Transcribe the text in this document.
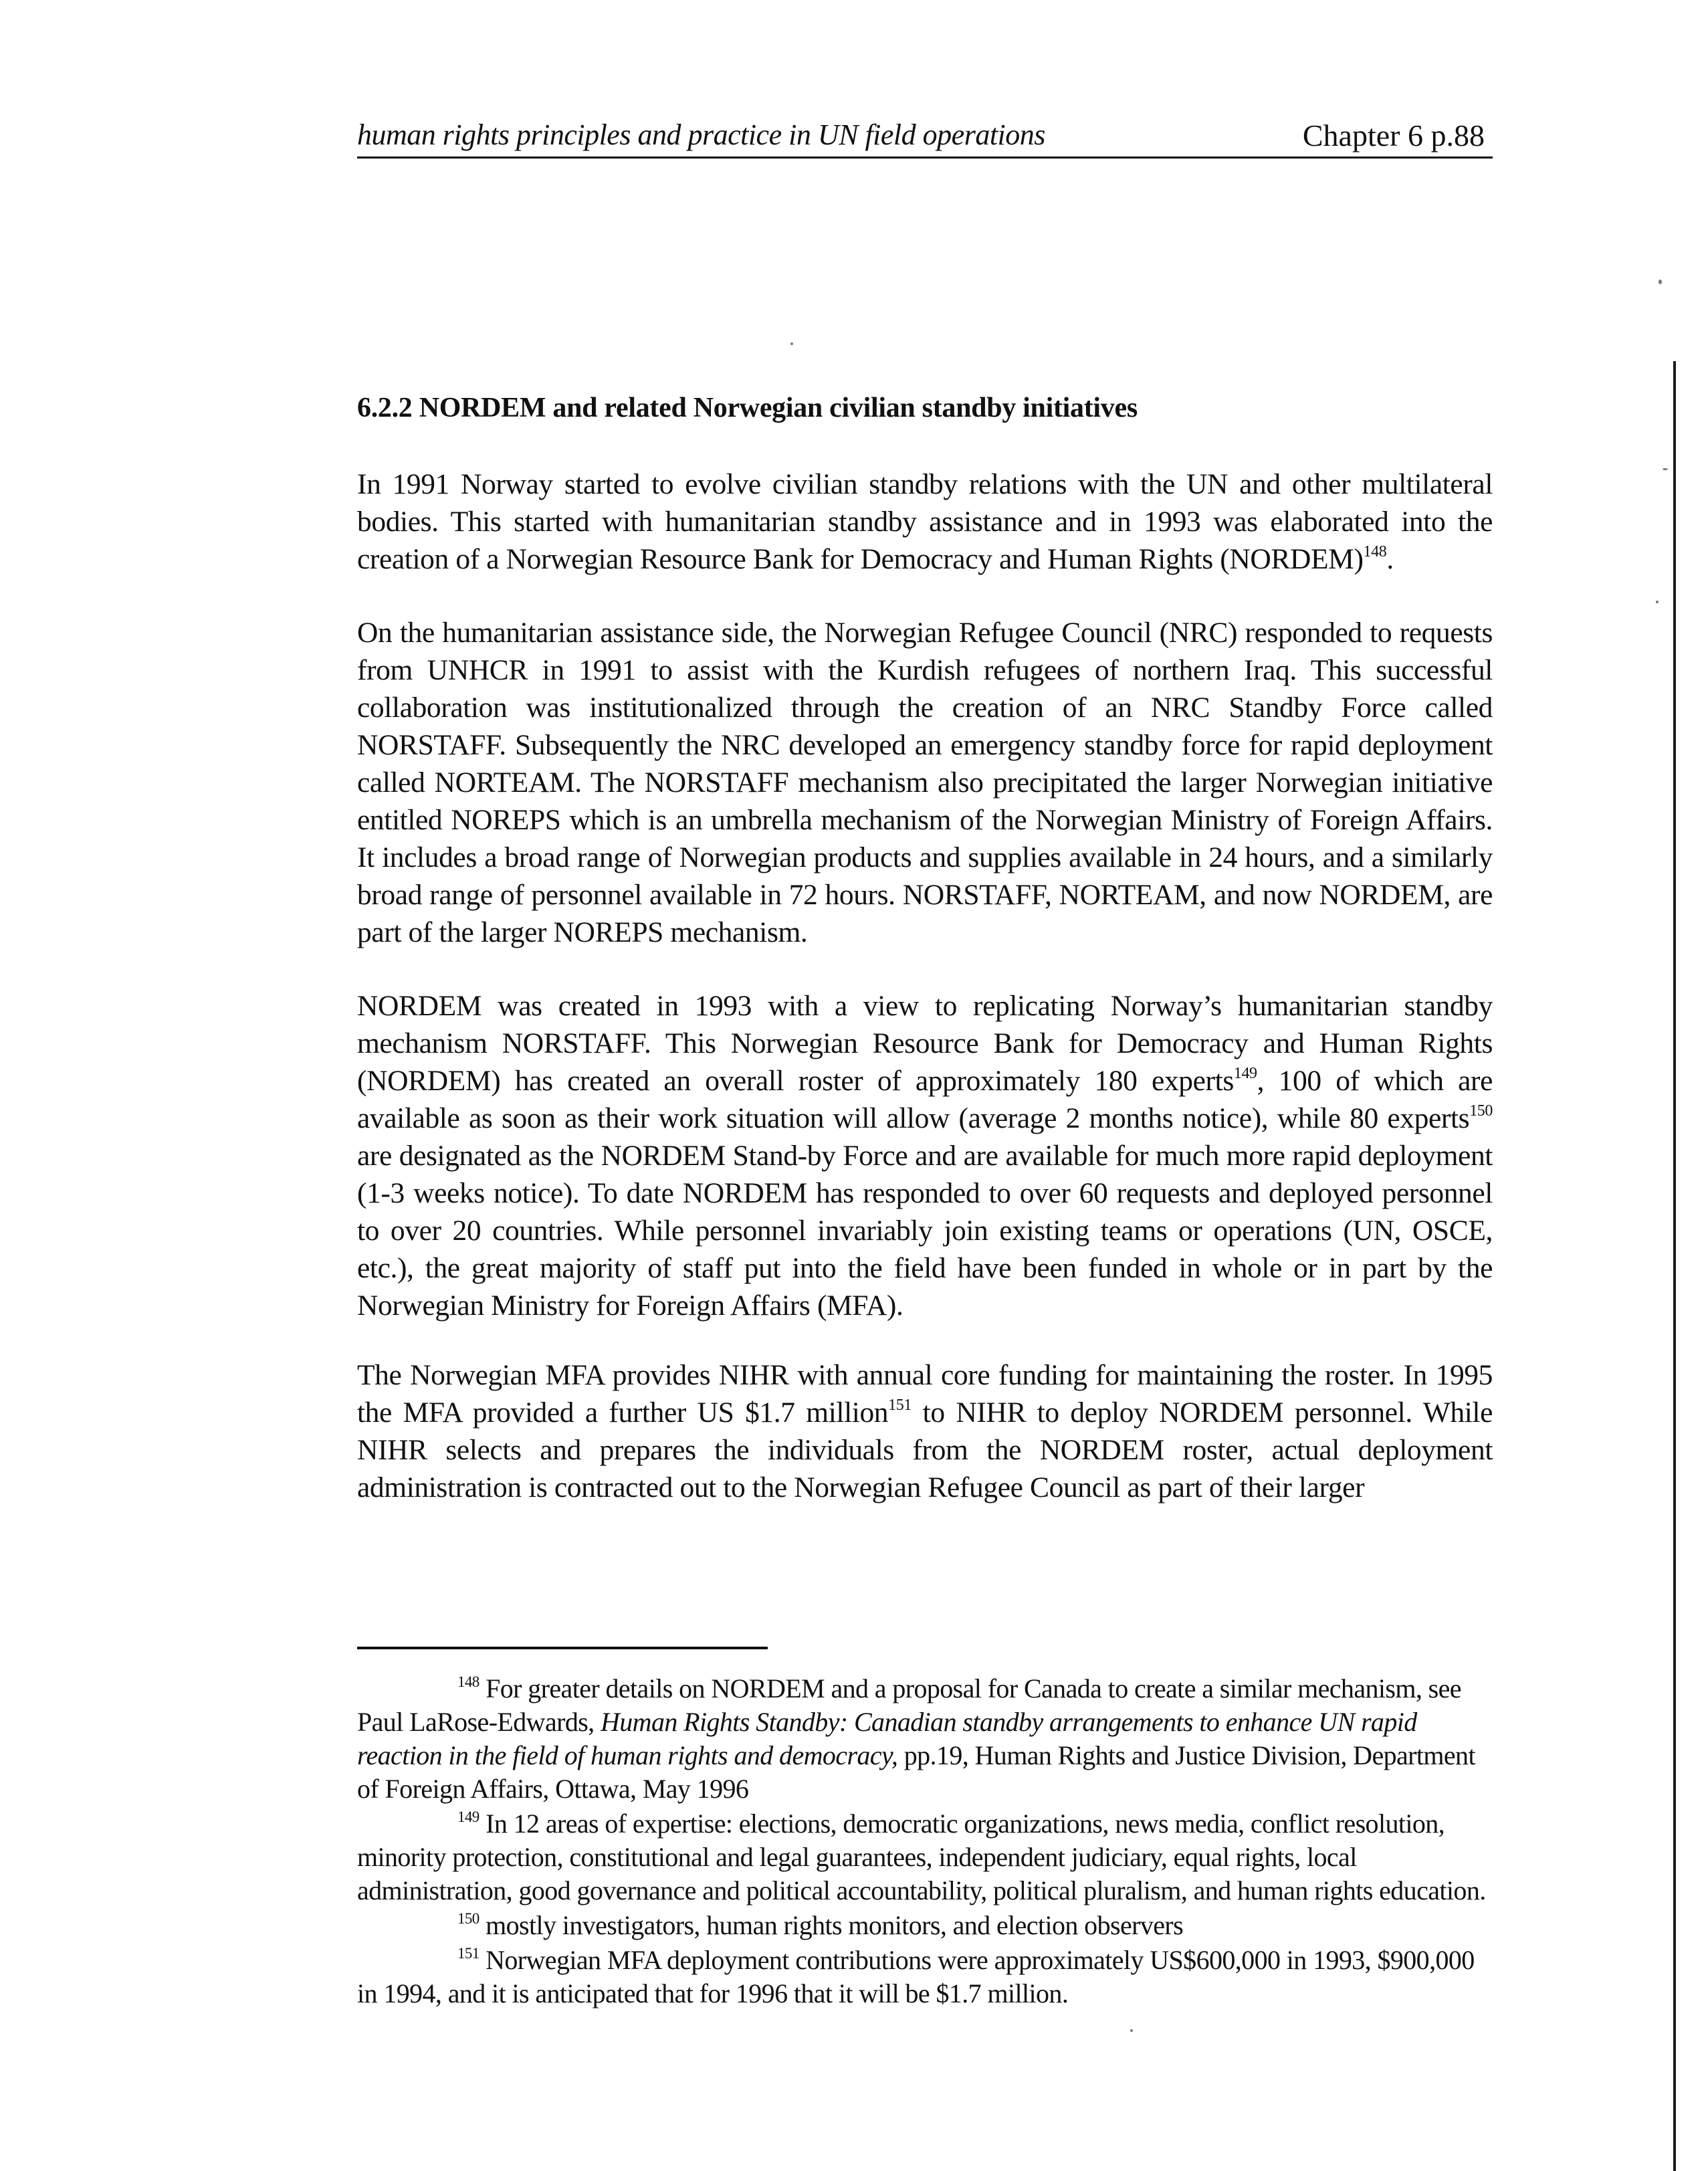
human rights principles and practice in UN field operations	Chapter 6 p.88
6.2.2 NORDEM and related Norwegian civilian standby initiatives

In 1991 Norway started to evolve civilian standby relations with the UN and other multilateral bodies. This started with humanitarian standby assistance and in 1993 was elaborated into the creation of a Norwegian Resource Bank for Democracy and Human Rights (NORDEM)$^{148}$.

On the humanitarian assistance side, the Norwegian Refugee Council (NRC) responded to requests from UNHCR in 1991 to assist with the Kurdish refugees of northern Iraq. This successful collaboration was institutionalized through the creation of an NRC Standby Force called NORSTAFF. Subsequently the NRC developed an emergency standby force for rapid deployment called NORTEAM. The NORSTAFF mechanism also precipitated the larger Norwegian initiative entitled NOREPS which is an umbrella mechanism of the Norwegian Ministry of Foreign Affairs. It includes a broad range of Norwegian products and supplies available in 24 hours, and a similarly broad range of personnel available in 72 hours. NORSTAFF, NORTEAM, and now NORDEM, are part of the larger NOREPS mechanism.

NORDEM was created in 1993 with a view to replicating Norway’s humanitarian standby mechanism NORSTAFF. This Norwegian Resource Bank for Democracy and Human Rights (NORDEM) has created an overall roster of approximately 180 experts$^{149}$, 100 of which are available as soon as their work situation will allow (average 2 months notice), while 80 experts$^{150}$ are designated as the NORDEM Stand-by Force and are available for much more rapid deployment (1-3 weeks notice). To date NORDEM has responded to over 60 requests and deployed personnel to over 20 countries. While personnel invariably join existing teams or operations (UN, OSCE, etc.), the great majority of staff put into the field have been funded in whole or in part by the Norwegian Ministry for Foreign Affairs (MFA).

The Norwegian MFA provides NIHR with annual core funding for maintaining the roster. In 1995 the MFA provided a further US $1.7 million$^{151}$ to NIHR to deploy NORDEM personnel. While NIHR selects and prepares the individuals from the NORDEM roster, actual deployment administration is contracted out to the Norwegian Refugee Council as part of their larger

$^{148}$ For greater details on NORDEM and a proposal for Canada to create a similar mechanism, see Paul LaRose-Edwards, Human Rights Standby: Canadian standby arrangements to enhance UN rapid reaction in the field of human rights and democracy, pp.19, Human Rights and Justice Division, Department of Foreign Affairs, Ottawa, May 1996

$^{149}$ In 12 areas of expertise: elections, democratic organizations, news media, conflict resolution, minority protection, constitutional and legal guarantees, independent judiciary, equal rights, local administration, good governance and political accountability, political pluralism, and human rights education.

$^{150}$ mostly investigators, human rights monitors, and election observers

$^{151}$ Norwegian MFA deployment contributions were approximately US$600,000 in 1993, $900,000 in 1994, and it is anticipated that for 1996 that it will be $1.7 million.
